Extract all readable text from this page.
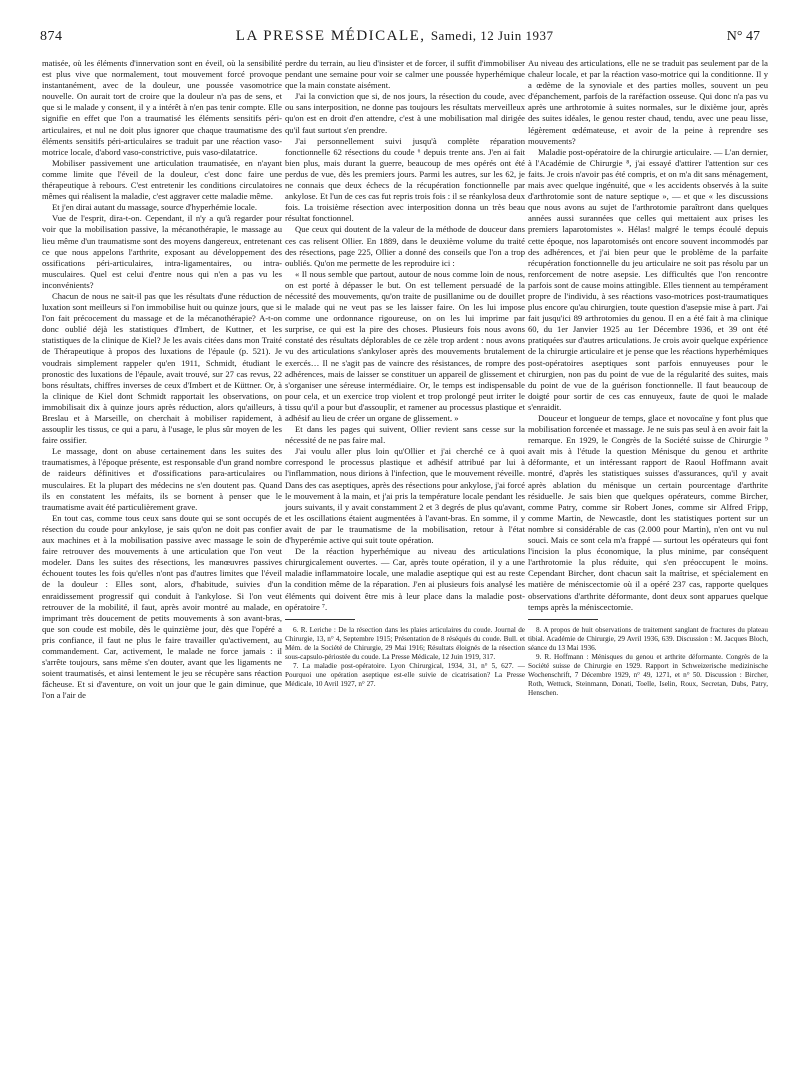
874	LA PRESSE MÉDICALE, Samedi, 12 Juin 1937	N° 47

matisée, où les éléments d'innervation sont en éveil, où la sensibilité est plus vive que normalement, tout mouvement forcé provoque instantanément, avec de la douleur, une poussée vasomotrice nouvelle. On aurait tort de croire que la douleur n'a pas de sens, et que si le malade y consent, il y a intérêt à n'en pas tenir compte. Elle signifie en effet que l'on a traumatisé les éléments sensitifs péri-articulaires, et nul ne doit plus ignorer que chaque traumatisme des éléments sensitifs péri-articulaires se traduit par une réaction vaso-motrice locale, d'abord vaso-constrictive, puis vaso-dilatatrice.

Mobiliser passivement une articulation traumatisée, en n'ayant comme limite que l'éveil de la douleur, c'est donc faire une thérapeutique à rebours. C'est entretenir les conditions circulatoires mêmes qui réalisent la maladie, c'est aggraver cette maladie même.

Et j'en dirai autant du massage, source d'hyperhémie locale.

Vue de l'esprit, dira-t-on. Cependant, il n'y a qu'à regarder pour voir que la mobilisation passive, la mécanothérapie, le massage au lieu même d'un traumatisme sont des moyens dangereux, entretenant ce que nous appelons l'arthrite, exposant au développement des ossifications péri-articulaires, intra-ligamentaires, ou intra-musculaires. Quel est celui d'entre nous qui n'en a pas vu les inconvénients?

Chacun de nous ne sait-il pas que les résultats d'une réduction de luxation sont meilleurs si l'on immobilise huit ou quinze jours, que si l'on fait précocement du massage et de la mécanothérapie? A-t-on donc oublié déjà les statistiques d'Imbert, de Kuttner, et les statistiques de la clinique de Kiel? Je les avais citées dans mon Traité de Thérapeutique à propos des luxations de l'épaule (p. 521). Je voudrais simplement rappeler qu'en 1911, Schmidt, étudiant le pronostic des luxations de l'épaule, avait trouvé, sur 27 cas revus, 22 bons résultats, chiffres inverses de ceux d'Imbert et de Küttner. Or, à la clinique de Kiel dont Schmidt rapportait les observations, on immobilisait dix à quinze jours après réduction, alors qu'ailleurs, à Breslau et à Marseille, on cherchait à mobiliser rapidement, à assouplir les tissus, ce qui a paru, à l'usage, le plus sûr moyen de les faire ossifier.

Le massage, dont on abuse certainement dans les suites des traumatismes, à l'époque présente, est responsable d'un grand nombre de raideurs définitives et d'ossifications para-articulaires ou musculaires. Et la plupart des médecins ne s'en doutent pas. Quand ils en constatent les méfaits, ils se bornent à penser que le traumatisme avait été particulièrement grave.

En tout cas, comme tous ceux sans doute qui se sont occupés de résection du coude pour ankylose, je sais qu'on ne doit pas confier aux machines et à la mobilisation passive avec massage le soin de faire retrouver des mouvements à une articulation que l'on veut modeler. Dans les suites des résections, les manœuvres passives échouent toutes les fois qu'elles n'ont pas d'autres limites que l'éveil de la douleur : Elles sont, alors, d'habitude, suivies d'un enraidissement progressif qui conduit à l'ankylose. Si l'on veut retrouver de la mobilité, il faut, après avoir montré au malade, en imprimant très doucement de petits mouvements à son avant-bras, que son coude est mobile, dès le quinzième jour, dès que l'opéré a pris confiance, il faut ne plus le faire travailler qu'activement, au commandement. Car, activement, le malade ne force jamais : il s'arrête toujours, sans même s'en douter, avant que les ligaments ne soient traumatisés, et ainsi lentement le jeu se récupère sans réaction fâcheuse. Et si d'aventure, on voit un jour que le gain diminue, que l'on a l'air de

perdre du terrain, au lieu d'insister et de forcer, il suffit d'immobiliser pendant une semaine pour voir se calmer une poussée hyperhémique que la main constate aisément.

J'ai la conviction que si, de nos jours, la résection du coude, avec ou sans interposition, ne donne pas toujours les résultats merveilleux qu'on est en droit d'en attendre, c'est à une mobilisation mal dirigée qu'il faut surtout s'en prendre.

J'ai personnellement suivi jusqu'à complète réparation fonctionnelle 62 résections du coude ⁶ depuis trente ans. J'en ai fait bien plus, mais durant la guerre, beaucoup de mes opérés ont été perdus de vue, dès les premiers jours. Parmi les autres, sur les 62, je ne connais que deux échecs de la récupération fonctionnelle par ankylose. Et l'un de ces cas fut repris trois fois : il se réankylosa deux fois. La troisième résection avec interposition donna un très beau résultat fonctionnel.

Que ceux qui doutent de la valeur de la méthode de douceur dans ces cas relisent Ollier. En 1889, dans le deuxième volume du traité des résections, page 225, Ollier a donné des conseils que l'on a trop oubliés. Qu'on me permette de les reproduire ici :

« Il nous semble que partout, autour de nous comme loin de nous, on est porté à dépasser le but. On est tellement persuadé de la nécessité des mouvements, qu'on traite de pusillanime ou de douillet le malade qui ne veut pas se les laisser faire. On les lui impose comme une ordonnance rigoureuse, on on les lui imprime par surprise, ce qui est la pire des choses. Plusieurs fois nous avons constaté des résultats déplorables de ce zèle trop ardent : nous avons vu des articulations s'ankyloser après des mouvements brutalement exercés… Il ne s'agit pas de vaincre des résistances, de rompre des adhérences, mais de laisser se constituer un appareil de glissement et s'organiser une séreuse intermédiaire. Or, le temps est indispensable pour cela, et un exercice trop violent et trop prolongé peut irriter le tissu qu'il a pour but d'assouplir, et ramener au processus plastique et adhésif au lieu de créer un organe de glissement. »

Et dans les pages qui suivent, Ollier revient sans cesse sur la nécessité de ne pas faire mal.

J'ai voulu aller plus loin qu'Ollier et j'ai cherché ce à quoi correspond le processus plastique et adhésif attribué par lui à l'inflammation, nous dirions à l'infection, que le mouvement réveille. Dans des cas aseptiques, après des résections pour ankylose, j'ai forcé le mouvement à la main, et j'ai pris la température locale pendant les jours suivants, il y avait constamment 2 et 3 degrés de plus qu'avant, et les oscillations étaient augmentées à l'avant-bras. En somme, il y avait de par le traumatisme de la mobilisation, retour à l'état d'hyperémie active qui suit toute opération.

De la réaction hyperhémique au niveau des articulations chirurgicalement ouvertes. — Car, après toute opération, il y a une maladie inflammatoire locale, une maladie aseptique qui est au reste la condition même de la réparation. J'en ai plusieurs fois analysé les éléments qui doivent être mis à leur place dans la maladie post-opératoire ⁷.

6. R. Leriche : De la résection dans les plaies articulaires du coude. Journal de Chirurgie, 13, n° 4, Septembre 1915; Présentation de 8 réséqués du coude. Bull. et Mém. de la Société de Chirurgie, 29 Mai 1916; Résultats éloignés de la résection sous-capsulo-périostée du coude. La Presse Médicale, 12 Juin 1919, 317.

7. La maladie post-opératoire. Lyon Chirurgical, 1934, 31, n° 5, 627. — Pourquoi une opération aseptique est-elle suivie de cicatrisation? La Presse Médicale, 10 Avril 1927, n° 27.

Au niveau des articulations, elle ne se traduit pas seulement par de la chaleur locale, et par la réaction vaso-motrice qui la conditionne. Il y a œdème de la synoviale et des parties molles, souvent un peu d'épanchement, parfois de la raréfaction osseuse. Qui donc n'a pas vu après une arthrotomie à suites normales, sur le dixième jour, après des suites idéales, le genou rester chaud, tendu, avec une peau lisse, légèrement œdémateuse, et avoir de la peine à reprendre ses mouvements?

Maladie post-opératoire de la chirurgie articulaire. — L'an dernier, à l'Académie de Chirurgie ⁸, j'ai essayé d'attirer l'attention sur ces faits. Je crois n'avoir pas été compris, et on m'a dit sans ménagement, mais avec quelque ingénuité, que « les accidents observés à la suite d'arthrotomie sont de nature septique », — et que « les discussions que nous avons au sujet de l'arthrotomie paraîtront dans quelques années aussi surannées que celles qui mettaient aux prises les premiers laparotomistes ». Hélas! malgré le temps écoulé depuis cette époque, nos laparotomisés ont encore souvent incommodés par des adhérences, et j'ai bien peur que le problème de la parfaite récupération fonctionnelle du jeu articulaire ne soit pas résolu par un renforcement de notre asepsie. Les difficultés que l'on rencontre parfois sont de cause moins attingible. Elles tiennent au tempérament propre de l'individu, à ses réactions vaso-motrices post-traumatiques plus encore qu'au chirurgien, toute question d'asepsie mise à part. J'ai fait jusqu'ici 89 arthrotomies du genou. Il en a été fait à ma clinique 60, du 1er Janvier 1925 au 1er Décembre 1936, et 39 ont été pratiquées sur d'autres articulations. Je crois avoir quelque expérience de la chirurgie articulaire et je pense que les réactions hyperhémiques post-opératoires aseptiques sont parfois ennuyeuses pour le chirurgien, non pas du point de vue de la régularité des suites, mais du point de vue de la guérison fonctionnelle. Il faut beaucoup de doigté pour sortir de ces cas ennuyeux, faute de quoi le malade s'enraidit.

Douceur et longueur de temps, glace et novocaïne y font plus que mobilisation forcenée et massage. Je ne suis pas seul à en avoir fait la remarque. En 1929, le Congrès de la Société suisse de Chirurgie ⁹ avait mis à l'étude la question Ménisque du genou et arthrite déformante, et un intéressant rapport de Raoul Hoffmann avait montré, d'après les statistiques suisses d'assurances, qu'il y avait après ablation du ménisque un certain pourcentage d'arthrite résiduelle. Je sais bien que quelques opérateurs, comme Bircher, comme Patry, comme sir Robert Jones, comme sir Alfred Fripp, comme Martin, de Newcastle, dont les statistiques portent sur un nombre si considérable de cas (2.000 pour Martin), n'en ont vu nul souci. Mais ce sont cela m'a frappé — surtout les opérateurs qui font l'incision la plus économique, la plus minime, par conséquent l'arthrotomie la plus réduite, qui s'en préoccupent le moins. Cependant Bircher, dont chacun sait la maîtrise, et spécialement en matière de méniscectomie où il a opéré 237 cas, rapporte quelques observations d'arthrite déformante, dont deux sont apparues quelque temps après la méniscectomie.

8. A propos de huit observations de traitement sanglant de fractures du plateau tibial. Académie de Chirurgie, 29 Avril 1936, 639. Discussion : M. Jacques Bloch, séance du 13 Mai 1936.

9. R. Hoffmann : Ménisques du genou et arthrite déformante. Congrès de la Société suisse de Chirurgie en 1929. Rapport in Schweizerische medizinische Wochenschrift, 7 Décembre 1929, n° 49, 1271, et n° 50. Discussion : Bircher, Roth, Wettuck, Steinmann, Donati, Toelle, Iselin, Roux, Secretan, Dubs, Patry, Henschen.
